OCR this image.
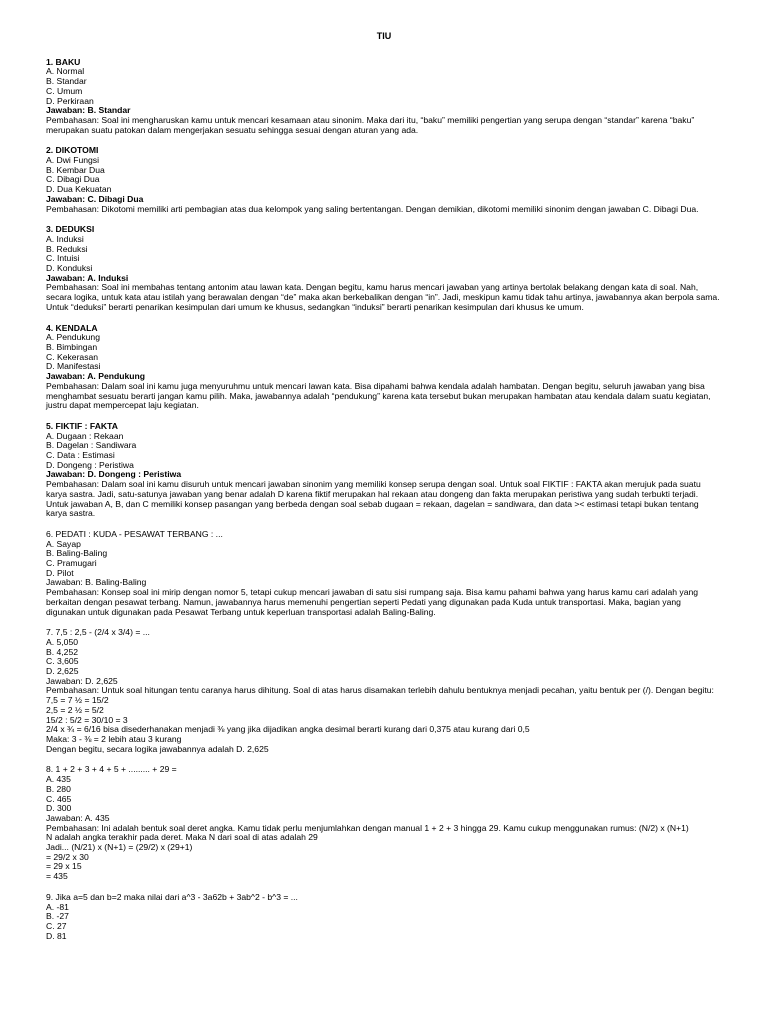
TIU
1. BAKU
A. Normal
B. Standar
C. Umum
D. Perkiraan
Jawaban: B. Standar
Pembahasan: Soal ini mengharuskan kamu untuk mencari kesamaan atau sinonim. Maka dari itu, “baku” memiliki pengertian yang serupa dengan “standar” karena “baku” merupakan suatu patokan dalam mengerjakan sesuatu sehingga sesuai dengan aturan yang ada.
2. DIKOTOMI
A. Dwi Fungsi
B. Kembar Dua
C. Dibagi Dua
D. Dua Kekuatan
Jawaban: C. Dibagi Dua
Pembahasan: Dikotomi memiliki arti pembagian atas dua kelompok yang saling bertentangan. Dengan demikian, dikotomi memiliki sinonim dengan jawaban C. Dibagi Dua.
3. DEDUKSI
A. Induksi
B. Reduksi
C. Intuisi
D. Konduksi
Jawaban: A. Induksi
Pembahasan: Soal ini membahas tentang antonim atau lawan kata. Dengan begitu, kamu harus mencari jawaban yang artinya bertolak belakang dengan kata di soal. Nah, secara logika, untuk kata atau istilah yang berawalan dengan “de” maka akan berkebalikan dengan “in”. Jadi, meskipun kamu tidak tahu artinya, jawabannya akan berpola sama.
Untuk “deduksi” berarti penarikan kesimpulan dari umum ke khusus, sedangkan “induksi” berarti penarikan kesimpulan dari khusus ke umum.
4. KENDALA
A. Pendukung
B. Bimbingan
C. Kekerasan
D. Manifestasi
Jawaban: A. Pendukung
Pembahasan: Dalam soal ini kamu juga menyuruhmu untuk mencari lawan kata. Bisa dipahami bahwa kendala adalah hambatan. Dengan begitu, seluruh jawaban yang bisa menghambat sesuatu berarti jangan kamu pilih. Maka, jawabannya adalah “pendukung” karena kata tersebut bukan merupakan hambatan atau kendala dalam suatu kegiatan, justru dapat mempercepat laju kegiatan.
5. FIKTIF : FAKTA
A. Dugaan : Rekaan
B. Dagelan : Sandiwara
C. Data : Estimasi
D. Dongeng : Peristiwa
Jawaban: D. Dongeng : Peristiwa
Pembahasan: Dalam soal ini kamu disuruh untuk mencari jawaban sinonim yang memiliki konsep serupa dengan soal. Untuk soal FIKTIF : FAKTA akan merujuk pada suatu karya sastra. Jadi, satu-satunya jawaban yang benar adalah D karena fiktif merupakan hal rekaan atau dongeng dan fakta merupakan peristiwa yang sudah terbukti terjadi. Untuk jawaban A, B, dan C memiliki konsep pasangan yang berbeda dengan soal sebab dugaan = rekaan, dagelan = sandiwara, dan data >< estimasi tetapi bukan tentang karya sastra.
6. PEDATI : KUDA - PESAWAT TERBANG : ...
A. Sayap
B. Baling-Baling
C. Pramugari
D. Pilot
Jawaban: B. Baling-Baling
Pembahasan: Konsep soal ini mirip dengan nomor 5, tetapi cukup mencari jawaban di satu sisi rumpang saja. Bisa kamu pahami bahwa yang harus kamu cari adalah yang berkaitan dengan pesawat terbang. Namun, jawabannya harus memenuhi pengertian seperti Pedati yang digunakan pada Kuda untuk transportasi. Maka, bagian yang digunakan untuk digunakan pada Pesawat Terbang untuk keperluan transportasi adalah Baling-Baling.
7. 7,5 : 2,5 - (2/4 x 3/4) = ...
A. 5,050
B. 4,252
C. 3,605
D. 2,625
Jawaban: D. 2,625
Pembahasan: Untuk soal hitungan tentu caranya harus dihitung. Soal di atas harus disamakan terlebih dahulu bentuknya menjadi pecahan, yaitu bentuk per (/). Dengan begitu:
7,5 = 7 ½ = 15/2
2,5 = 2 ½ = 5/2
15/2 : 5/2 = 30/10 = 3
2/4 x ¾ = 6/16 bisa disederhanakan menjadi ⅜ yang jika dijadikan angka desimal berarti kurang dari 0,375 atau kurang dari 0,5
Maka: 3 - ⅜ = 2 lebih atau 3 kurang
Dengan begitu, secara logika jawabannya adalah D. 2,625
8. 1 + 2 + 3 + 4 + 5 + ......... + 29 =
A. 435
B. 280
C. 465
D. 300
Jawaban: A. 435
Pembahasan: Ini adalah bentuk soal deret angka. Kamu tidak perlu menjumlahkan dengan manual 1 + 2 + 3 hingga 29. Kamu cukup menggunakan rumus: (N/2) x (N+1)
N adalah angka terakhir pada deret. Maka N dari soal di atas adalah 29
Jadi... (N/21) x (N+1) = (29/2) x (29+1)
= 29/2 x 30
= 29 x 15
= 435
9. Jika a=5 dan b=2 maka nilai dari a^3 - 3a62b + 3ab^2 - b^3 = ...
A. -81
B. -27
C. 27
D. 81
